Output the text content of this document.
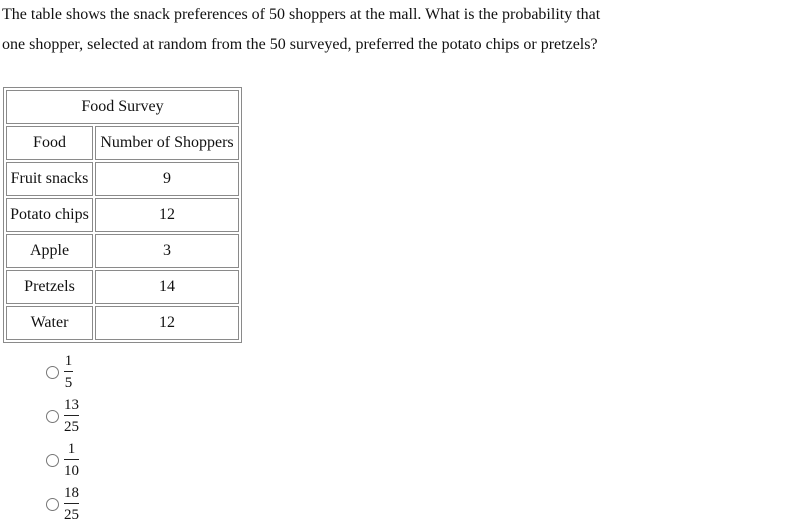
The table shows the snack preferences of 50 shoppers at the mall. What is the probability that
one shopper, selected at random from the 50 surveyed, preferred the potato chips or pretzels?

Food Survey	
Food	Number of Shoppers
Fruit snacks	9
Potato chips	12
Apple	3
Pretzels	14
Water	12
1
5
13
25
1
10
18
25
